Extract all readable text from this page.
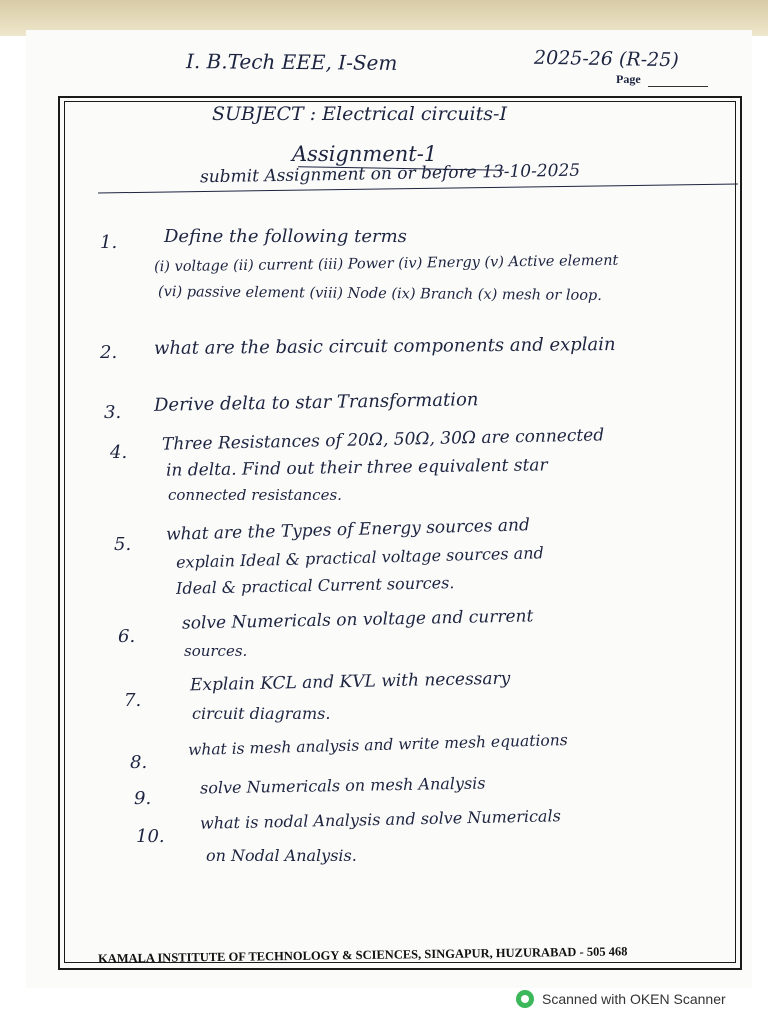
I. B.Tech EEE, I-Sem	2025-26 (R-25)
Page
SUBJECT : Electrical circuits-I
Assignment-1
submit Assignment on or before 13-10-2025
1.	Define the following terms
(i) voltage (ii) current (iii) Power (iv) Energy (v) Active element
(vi) passive element (viii) Node (ix) Branch (x) mesh or loop.
2. what are the basic circuit components and explain
3. Derive delta to star Transformation
4. Three Resistances of 20Ω, 50Ω, 30Ω are connected
in delta. Find out their three equivalent star
connected resistances.
5. what are the Types of Energy sources and
explain Ideal & practical voltage sources and
Ideal & practical Current sources.
6.
solve Numericals on voltage and current
sources.
7.
Explain KCL and KVL with necessary
circuit diagrams.
8.
what is mesh analysis and write mesh equations
9.
solve Numericals on mesh Analysis
10.
what is nodal Analysis and solve Numericals
on Nodal Analysis.
KAMALA INSTITUTE OF TECHNOLOGY & SCIENCES, SINGAPUR, HUZURABAD - 505 468
Scanned with OKEN Scanner
